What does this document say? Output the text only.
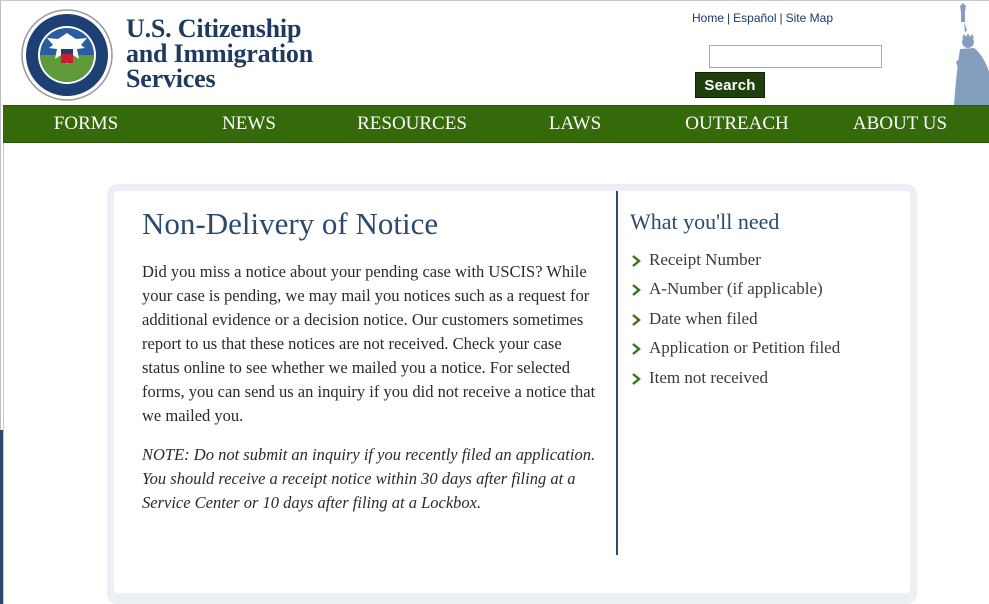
U.S. Citizenship
and Immigration
Services
Home | Español | Site Map
Search
FORMS	NEWS	RESOURCES	LAWS	OUTREACH	ABOUT US
Non-Delivery of Notice
Did you miss a notice about your pending case with USCIS? While your case is pending, we may mail you notices such as a request for additional evidence or a decision notice. Our customers sometimes report to us that these notices are not received. Check your case status online to see whether we mailed you a notice. For selected forms, you can send us an inquiry if you did not receive a notice that we mailed you.
NOTE: Do not submit an inquiry if you recently filed an application. You should receive a receipt notice within 30 days after filing at a Service Center or 10 days after filing at a Lockbox.
What you'll need
Receipt Number
A-Number (if applicable)
Date when filed
Application or Petition filed
Item not received
